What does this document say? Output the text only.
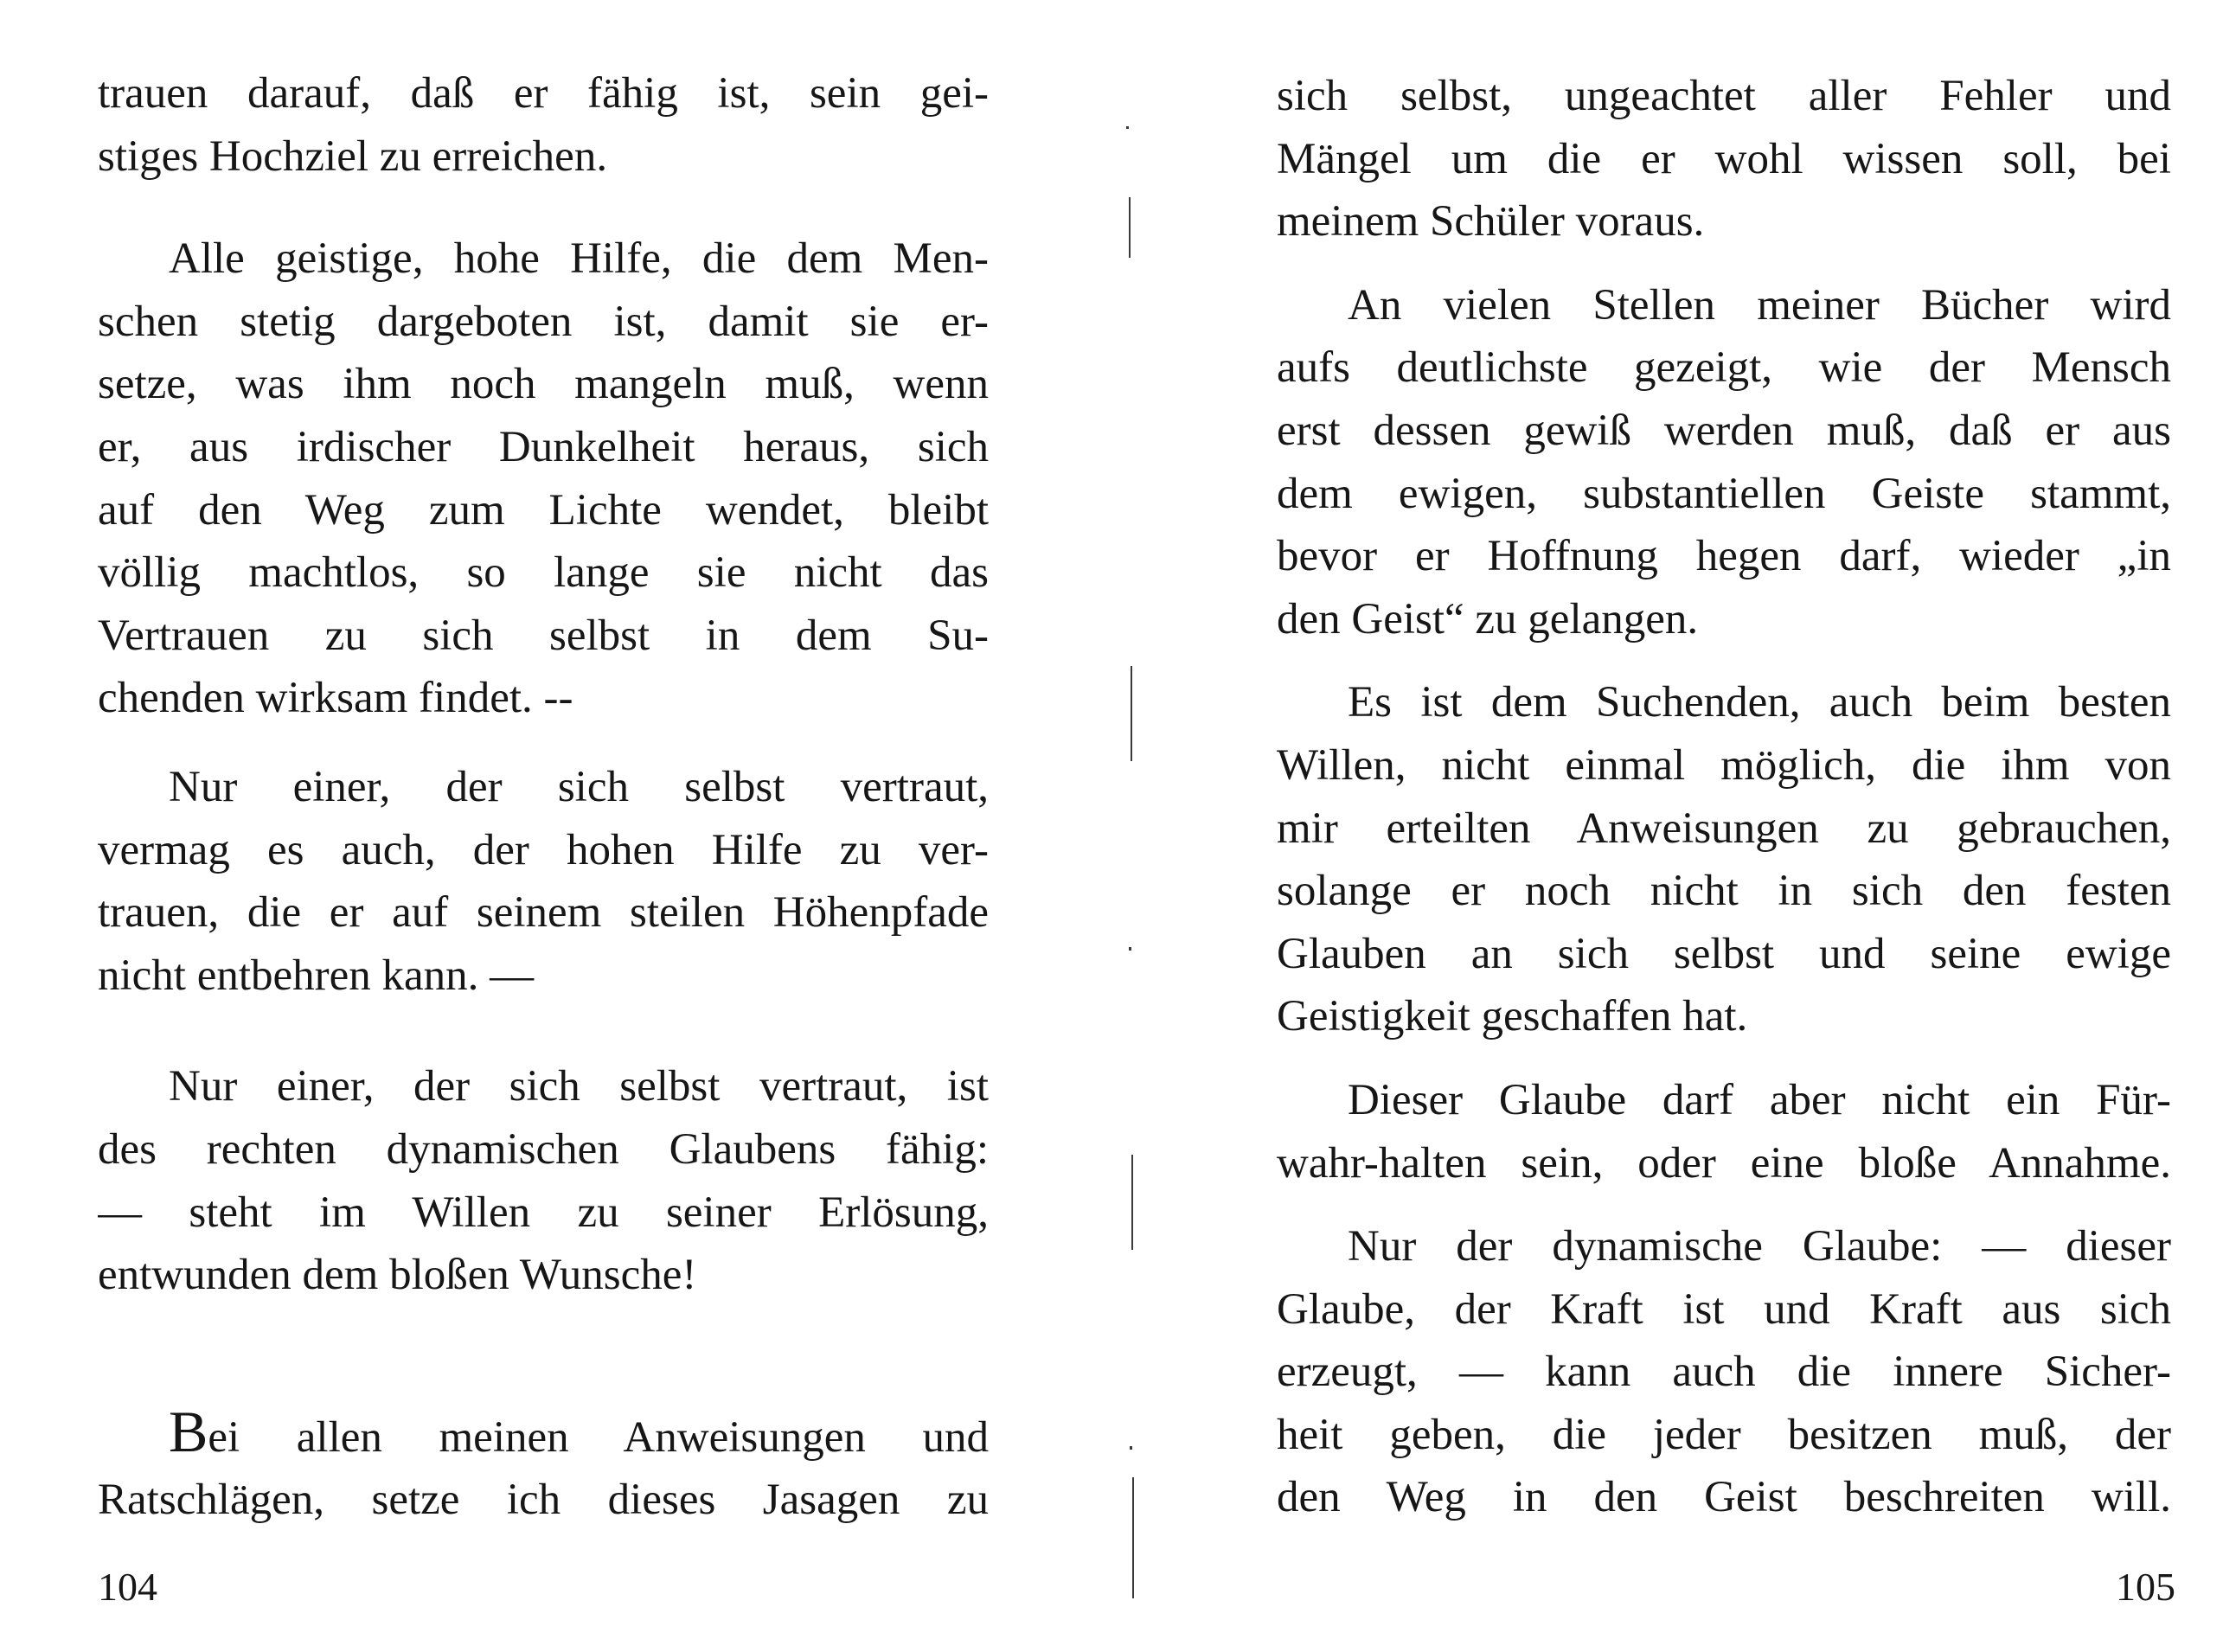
trauen darauf, daß er fähig ist, sein gei-
stiges Hochziel zu erreichen.

Alle geistige, hohe Hilfe, die dem Men-
schen stetig dargeboten ist, damit sie er-
setze, was ihm noch mangeln muß, wenn
er, aus irdischer Dunkelheit heraus, sich
auf den Weg zum Lichte wendet, bleibt
völlig machtlos, so lange sie nicht das
Vertrauen zu sich selbst in dem Su-
chenden wirksam findet. --

Nur einer, der sich selbst vertraut,
vermag es auch, der hohen Hilfe zu ver-
trauen, die er auf seinem steilen Höhenpfade
nicht entbehren kann. —

Nur einer, der sich selbst vertraut, ist
des rechten dynamischen Glaubens fähig:
— steht im Willen zu seiner Erlösung,
entwunden dem bloßen Wunsche!

Bei allen meinen Anweisungen und
Ratschlägen, setze ich dieses Jasagen zu

104

sich selbst, ungeachtet aller Fehler und
Mängel um die er wohl wissen soll, bei
meinem Schüler voraus.

An vielen Stellen meiner Bücher wird
aufs deutlichste gezeigt, wie der Mensch
erst dessen gewiß werden muß, daß er aus
dem ewigen, substantiellen Geiste stammt,
bevor er Hoffnung hegen darf, wieder „in
den Geist“ zu gelangen.

Es ist dem Suchenden, auch beim besten
Willen, nicht einmal möglich, die ihm von
mir erteilten Anweisungen zu gebrauchen,
solange er noch nicht in sich den festen
Glauben an sich selbst und seine ewige
Geistigkeit geschaffen hat.

Dieser Glaube darf aber nicht ein Für-
wahr-halten sein, oder eine bloße Annahme.

Nur der dynamische Glaube: — dieser
Glaube, der Kraft ist und Kraft aus sich
erzeugt, — kann auch die innere Sicher-
heit geben, die jeder besitzen muß, der
den Weg in den Geist beschreiten will.

105
